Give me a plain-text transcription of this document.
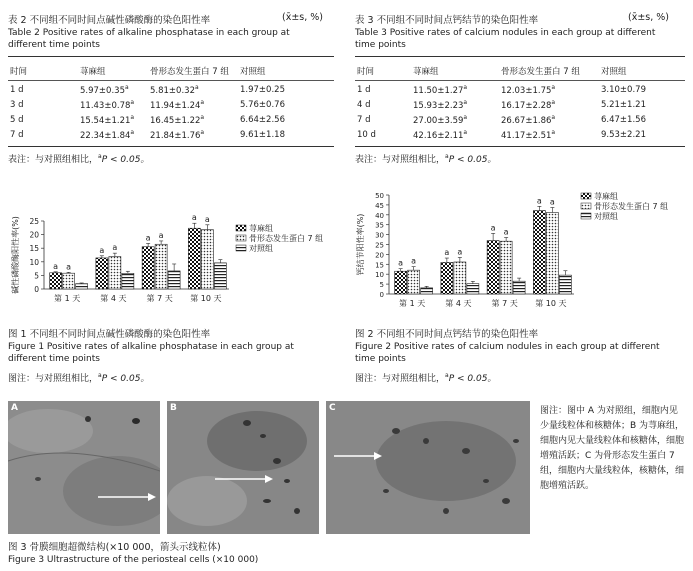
表 2 不同组不同时间点碱性磷酸酶的染色阳性率	(x̄±s, %)
Table 2 Positive rates of alkaline phosphatase in each group at different time points
时间	荨麻组	骨形态发生蛋白 7 组	对照组
1 d	5.97±0.35$^a$	5.81±0.32$^a$	1.97±0.25
3 d	11.43±0.78$^a$	11.94±1.24$^a$	5.76±0.76
5 d	15.54±1.21$^a$	16.45±1.22$^a$	6.64±2.56
7 d	22.34±1.84$^a$	21.84±1.76$^a$	9.61±1.18
表注：与对照组相比，$^a$P < 0.05。
表 3 不同组不同时间点钙结节的染色阳性率	(x̄±s, %)
Table 3 Positive rates of calcium nodules in each group at different time points
时间	荨麻组	骨形态发生蛋白 7 组	对照组
1 d	11.50±1.27$^a$	12.03±1.75$^a$	3.10±0.79
4 d	15.93±2.23$^a$	16.17±2.28$^a$	5.21±1.21
7 d	27.00±3.59$^a$	26.67±1.86$^a$	6.47±1.56
10 d	42.16±2.11$^a$	41.17±2.51$^a$	9.53±2.21
表注：与对照组相比，$^a$P < 0.05。
0
5
10
15
20
25
碱性磷酸酶阳性率(%)	a a
第 1 天
a a
第 4 天
a a
第 7 天
a a
第 10 天
荨麻组
骨形态发生蛋白 7 组
对照组
0
5
10
15
20
25
30
35
40
45
50
钙结节阳性率(%)	a a
第 1 天
a a
第 4 天
a a
第 7 天
a a
第 10 天
荨麻组
骨形态发生蛋白 7 组
对照组
图 1 不同组不同时间点碱性磷酸酶的染色阳性率
Figure 1 Positive rates of alkaline phosphatase in each group at different time points
图注：与对照组相比，$^a$P < 0.05。
图 2 不同组不同时间点钙结节的染色阳性率
Figure 2 Positive rates of calcium nodules in each group at different time points
图注：与对照组相比，$^a$P < 0.05。
A	B	C	图注：图中 A 为对照组，细胞内见少量线粒体和核糖体；B 为荨麻组，细胞内见大量线粒体和核糖体，细胞增殖活跃；C 为骨形态发生蛋白 7 组，细胞内大量线粒体，核糖体，细胞增殖活跃。
图 3 骨膜细胞超微结构(×10 000，箭头示线粒体)
Figure 3 Ultrastructure of the periosteal cells (×10 000)
